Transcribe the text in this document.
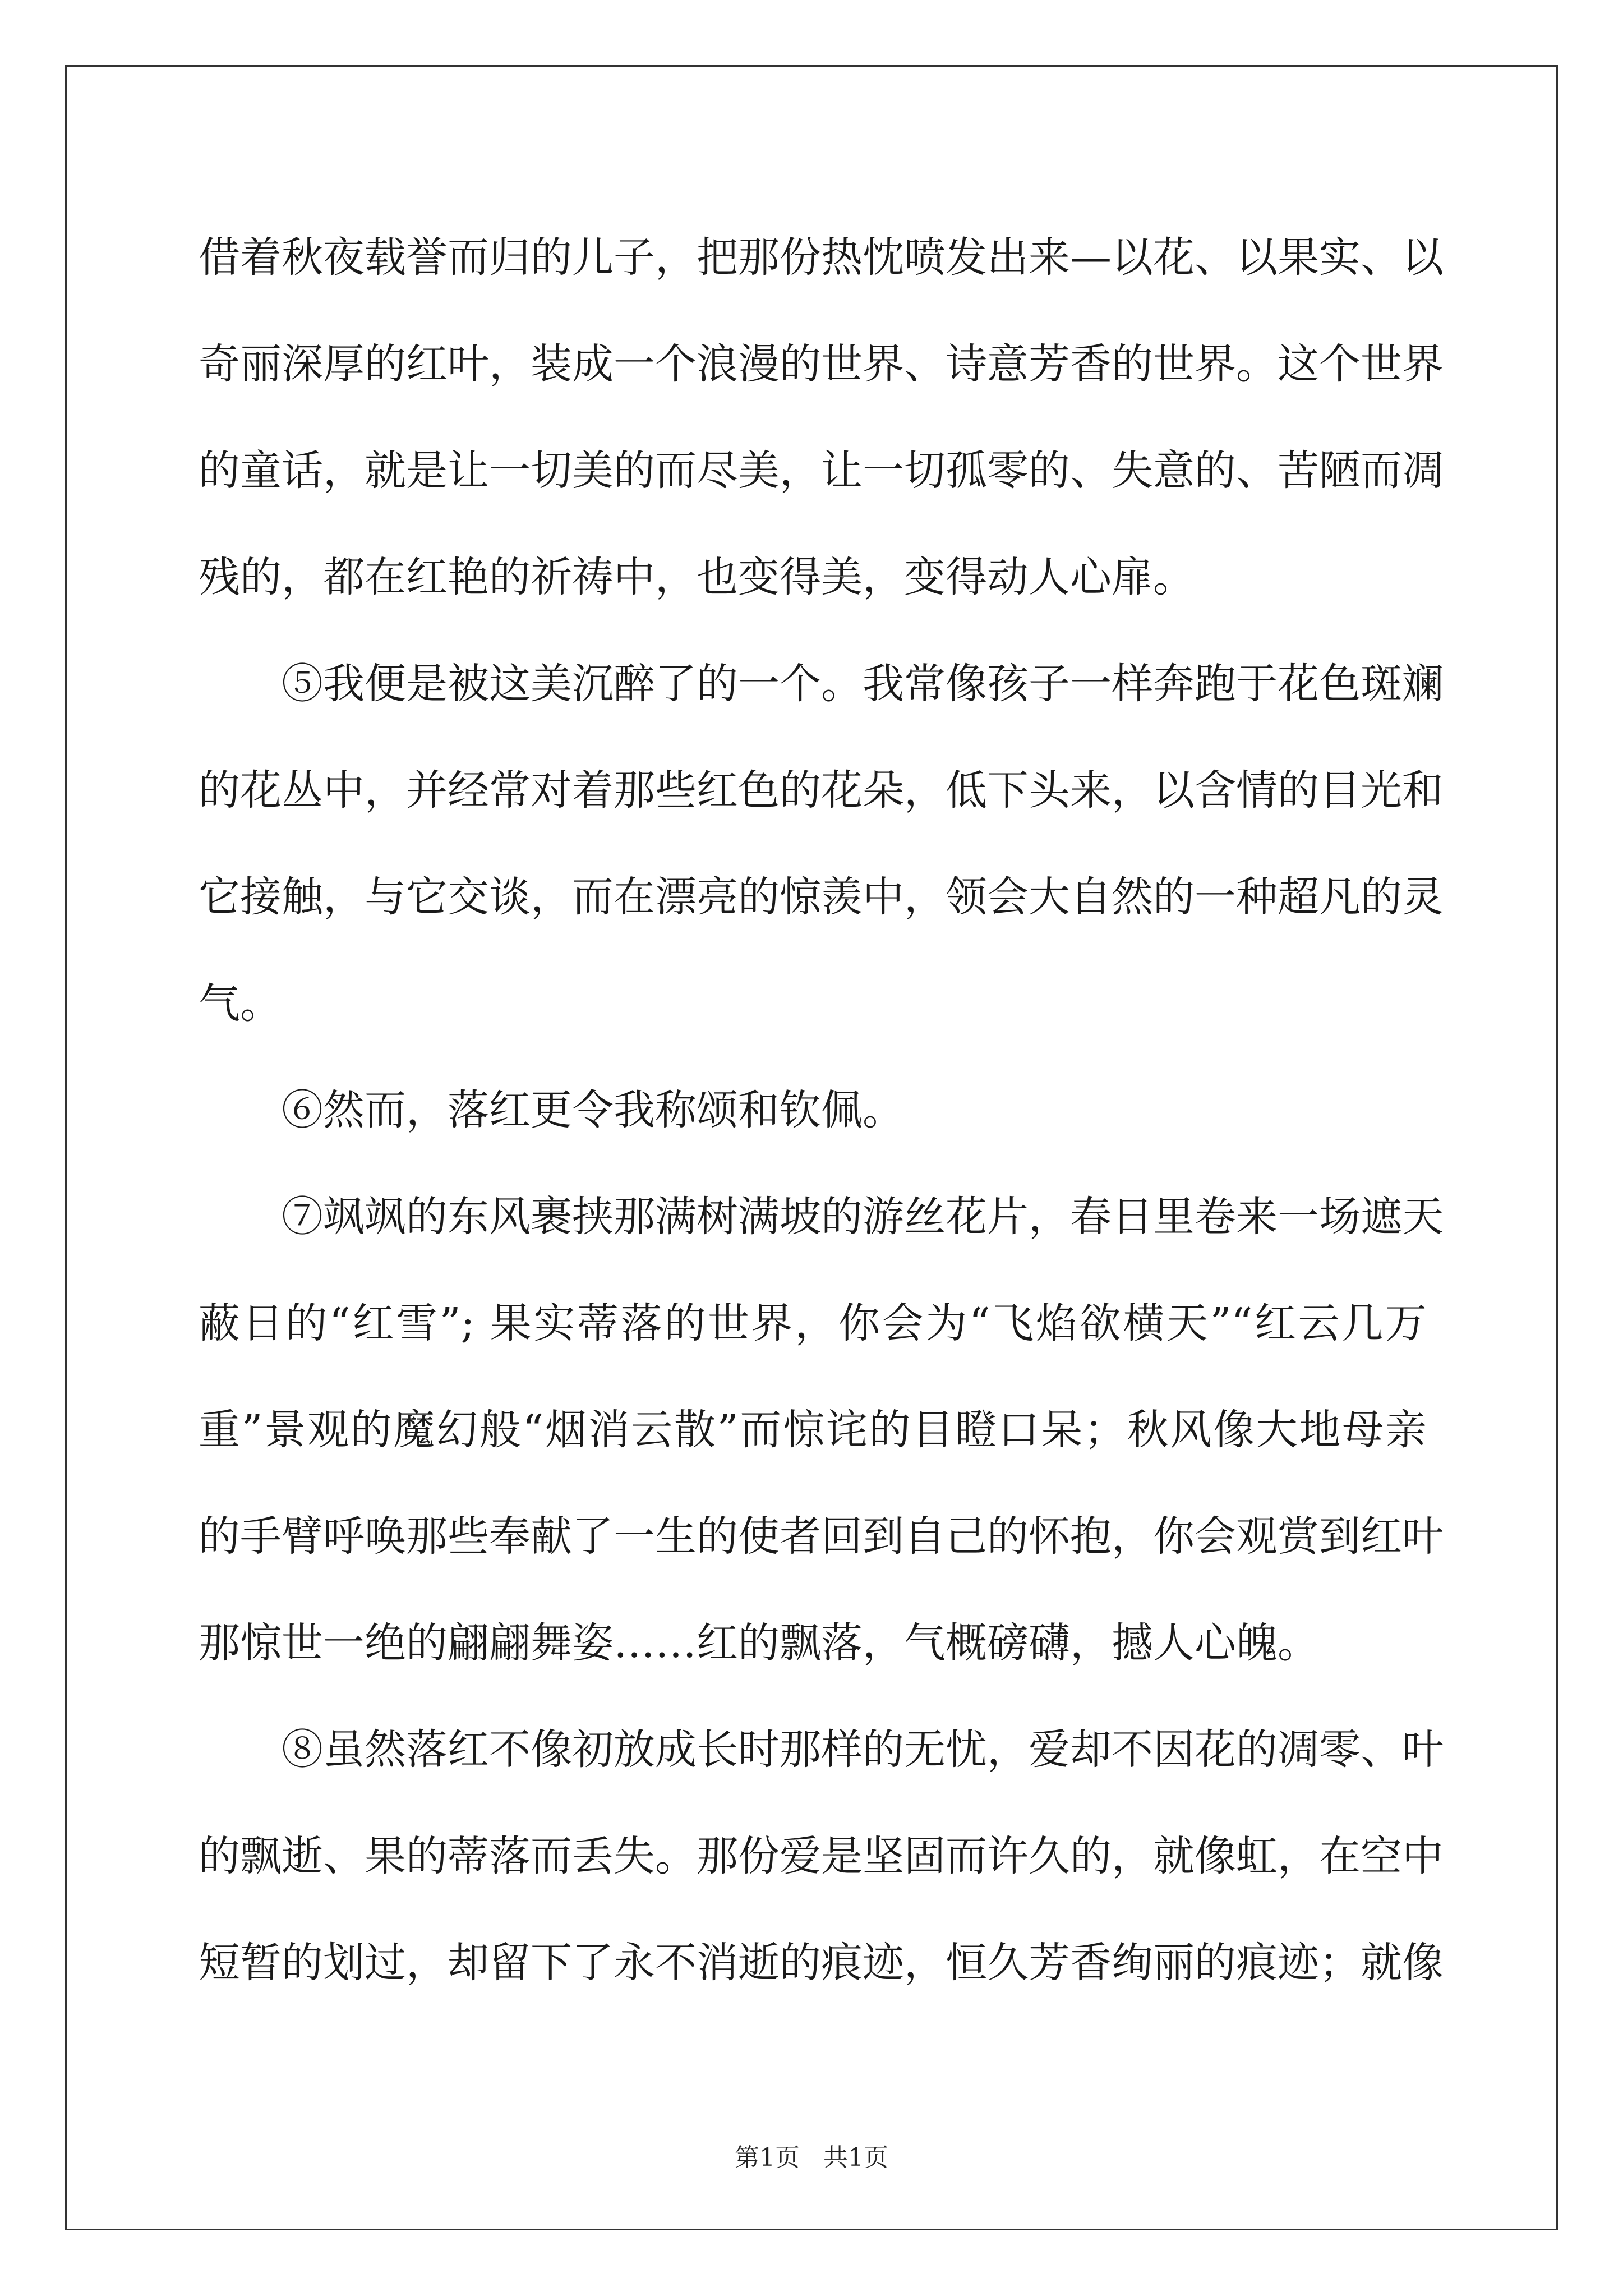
借着秋夜载誉而归的儿子，把那份热忱喷发出来—以花、以果实、以
奇丽深厚的红叶，装成一个浪漫的世界、诗意芳香的世界。这个世界
的童话，就是让一切美的而尽美，让一切孤零的、失意的、苦陋而凋
残的，都在红艳的祈祷中，也变得美，变得动人心扉。
⑤我便是被这美沉醉了的一个。我常像孩子一样奔跑于花色斑斓
的花丛中，并经常对着那些红色的花朵，低下头来，以含情的目光和
它接触，与它交谈，而在漂亮的惊羡中，领会大自然的一种超凡的灵
气。
⑥然而，落红更令我称颂和钦佩。
⑦飒飒的东风裹挟那满树满坡的游丝花片，春日里卷来一场遮天
蔽日的“红雪”; 果实蒂落的世界，你会为“飞焰欲横天”“红云几万
重”景观的魔幻般“烟消云散”而惊诧的目瞪口呆；秋风像大地母亲
的手臂呼唤那些奉献了一生的使者回到自己的怀抱，你会观赏到红叶
那惊世一绝的翩翩舞姿……红的飘落，气概磅礴，撼人心魄。
⑧虽然落红不像初放成长时那样的无忧，爱却不因花的凋零、叶
的飘逝、果的蒂落而丢失。那份爱是坚固而许久的，就像虹，在空中
短暂的划过，却留下了永不消逝的痕迹，恒久芳香绚丽的痕迹；就像
第1页 共1页
